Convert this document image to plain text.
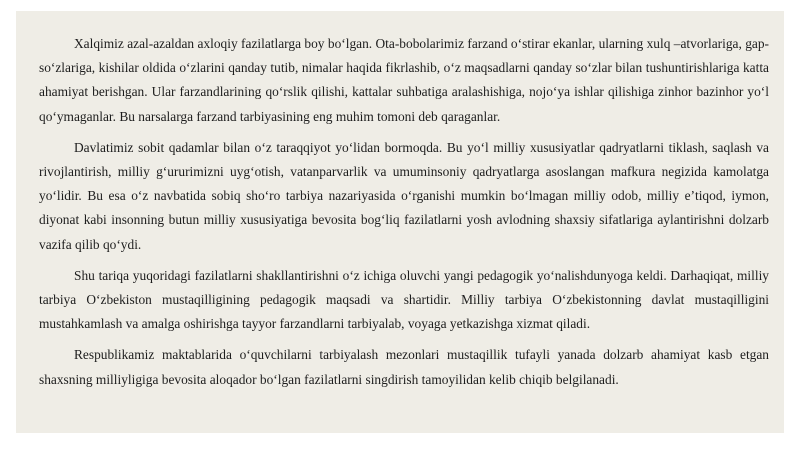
Xalqimiz azal-azaldan axloqiy fazilatlarga boy boʻlgan. Ota-bobolarimiz farzand oʻstirar ekanlar, ularning xulq –atvorlariga, gap-soʻzlariga, kishilar oldida oʻzlarini qanday tutib, nimalar haqida fikrlashib, oʻz maqsadlarni qanday soʻzlar bilan tushuntirishlariga katta ahamiyat berishgan. Ular farzandlarining qoʻrslik qilishi, kattalar suhbatiga aralashishiga, nojoʻya ishlar qilishiga zinhor bazinhor yoʻl qoʻymaganlar. Bu narsalarga farzand tarbiyasining eng muhim tomoni deb qaraganlar.

Davlatimiz sobit qadamlar bilan oʻz taraqqiyot yoʻlidan bormoqda. Bu yoʻl milliy xususiyatlar qadryatlarni tiklash, saqlash va rivojlantirish, milliy gʻururimizni uygʻotish, vatanparvarlik va umuminsoniy qadryatlarga asoslangan mafkura negizida kamolatga yoʻlidir. Bu esa oʻz navbatida sobiq shoʻro tarbiya nazariyasida oʻrganishi mumkin boʻlmagan milliy odob, milliy eʼtiqod, iymon, diyonat kabi insonning butun milliy xususiyatiga bevosita bogʻliq fazilatlarni yosh avlodning shaxsiy sifatlariga aylantirishni dolzarb vazifa qilib qoʻydi.

Shu tariqa yuqoridagi fazilatlarni shakllantirishni oʻz ichiga oluvchi yangi pedagogik yoʻnalishdunyoga keldi. Darhaqiqat, milliy tarbiya Oʻzbekiston mustaqilligining pedagogik maqsadi va shartidir. Milliy tarbiya Oʻzbekistonning davlat mustaqilligini mustahkamlash va amalga oshirishga tayyor farzandlarni tarbiyalab, voyaga yetkazishga xizmat qiladi.

Respublikamiz maktablarida oʻquvchilarni tarbiyalash mezonlari mustaqillik tufayli yanada dolzarb ahamiyat kasb etgan shaxsning milliyligiga bevosita aloqador boʻlgan fazilatlarni singdirish tamoyilidan kelib chiqib belgilanadi.
